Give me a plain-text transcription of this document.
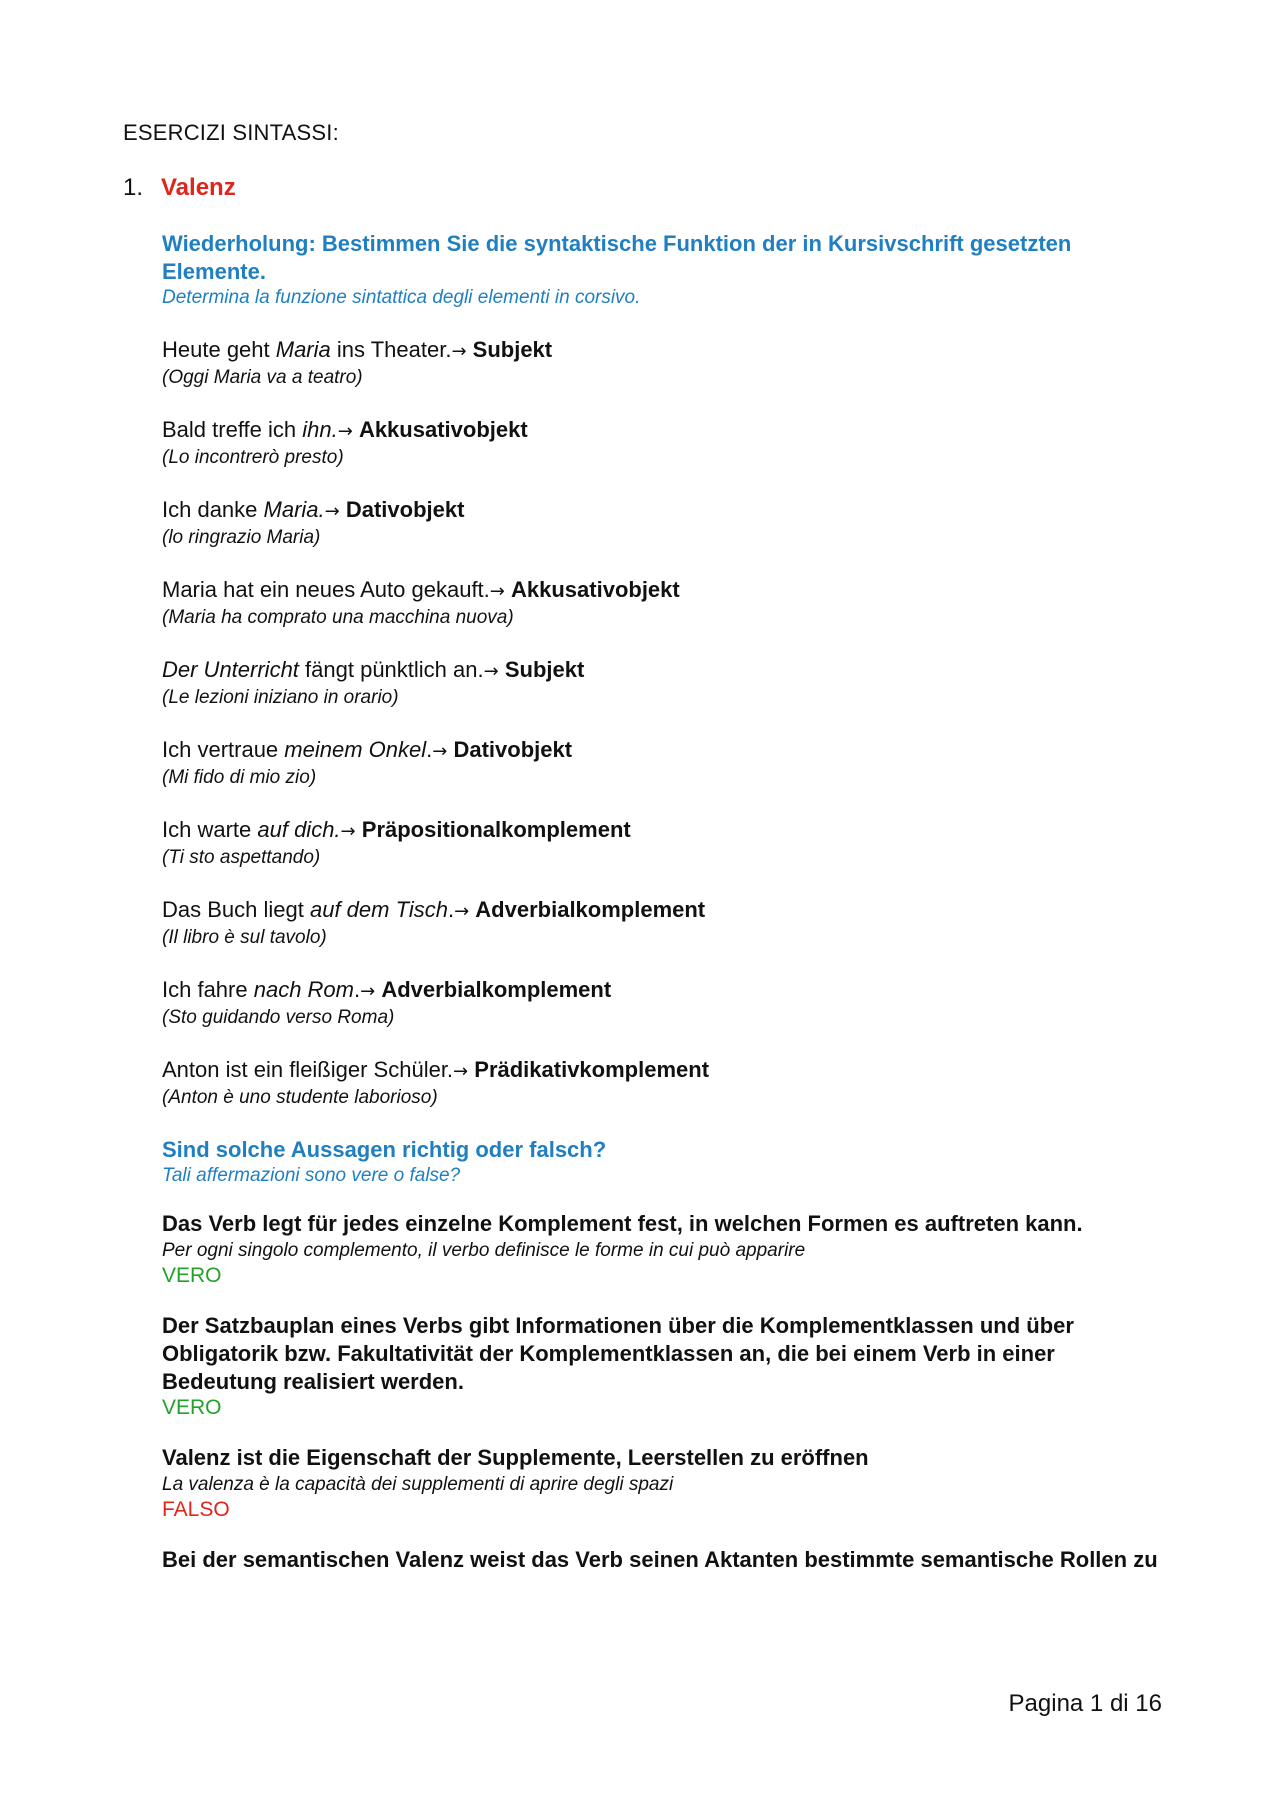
ESERCIZI SINTASSI:
1. Valenz
Wiederholung: Bestimmen Sie die syntaktische Funktion der in Kursivschrift gesetzten Elemente.
Determina la funzione sintattica degli elementi in corsivo.
Heute geht Maria ins Theater.→ Subjekt
(Oggi Maria va a teatro)
Bald treffe ich ihn.→ Akkusativobjekt
(Lo incontrerò presto)
Ich danke Maria.→ Dativobjekt
(lo ringrazio Maria)
Maria hat ein neues Auto gekauft.→ Akkusativobjekt
(Maria ha comprato una macchina nuova)
Der Unterricht fängt pünktlich an.→ Subjekt
(Le lezioni iniziano in orario)
Ich vertraue meinem Onkel.→ Dativobjekt
(Mi fido di mio zio)
Ich warte auf dich.→ Präpositionalkomplement
(Ti sto aspettando)
Das Buch liegt auf dem Tisch.→ Adverbialkomplement
(Il libro è sul tavolo)
Ich fahre nach Rom.→ Adverbialkomplement
(Sto guidando verso Roma)
Anton ist ein fleißiger Schüler.→ Prädikativkomplement
(Anton è uno studente laborioso)
Sind solche Aussagen richtig oder falsch?
Tali affermazioni sono vere o false?
Das Verb legt für jedes einzelne Komplement fest, in welchen Formen es auftreten kann.
Per ogni singolo complemento, il verbo definisce le forme in cui può apparire
VERO
Der Satzbauplan eines Verbs gibt Informationen über die Komplementklassen und über Obligatorik bzw. Fakultativität der Komplementklassen an, die bei einem Verb in einer Bedeutung realisiert werden.
VERO
Valenz ist die Eigenschaft der Supplemente, Leerstellen zu eröffnen
La valenza è la capacità dei supplementi di aprire degli spazi
FALSO
Bei der semantischen Valenz weist das Verb seinen Aktanten bestimmte semantische Rollen zu
Pagina 1 di 16
